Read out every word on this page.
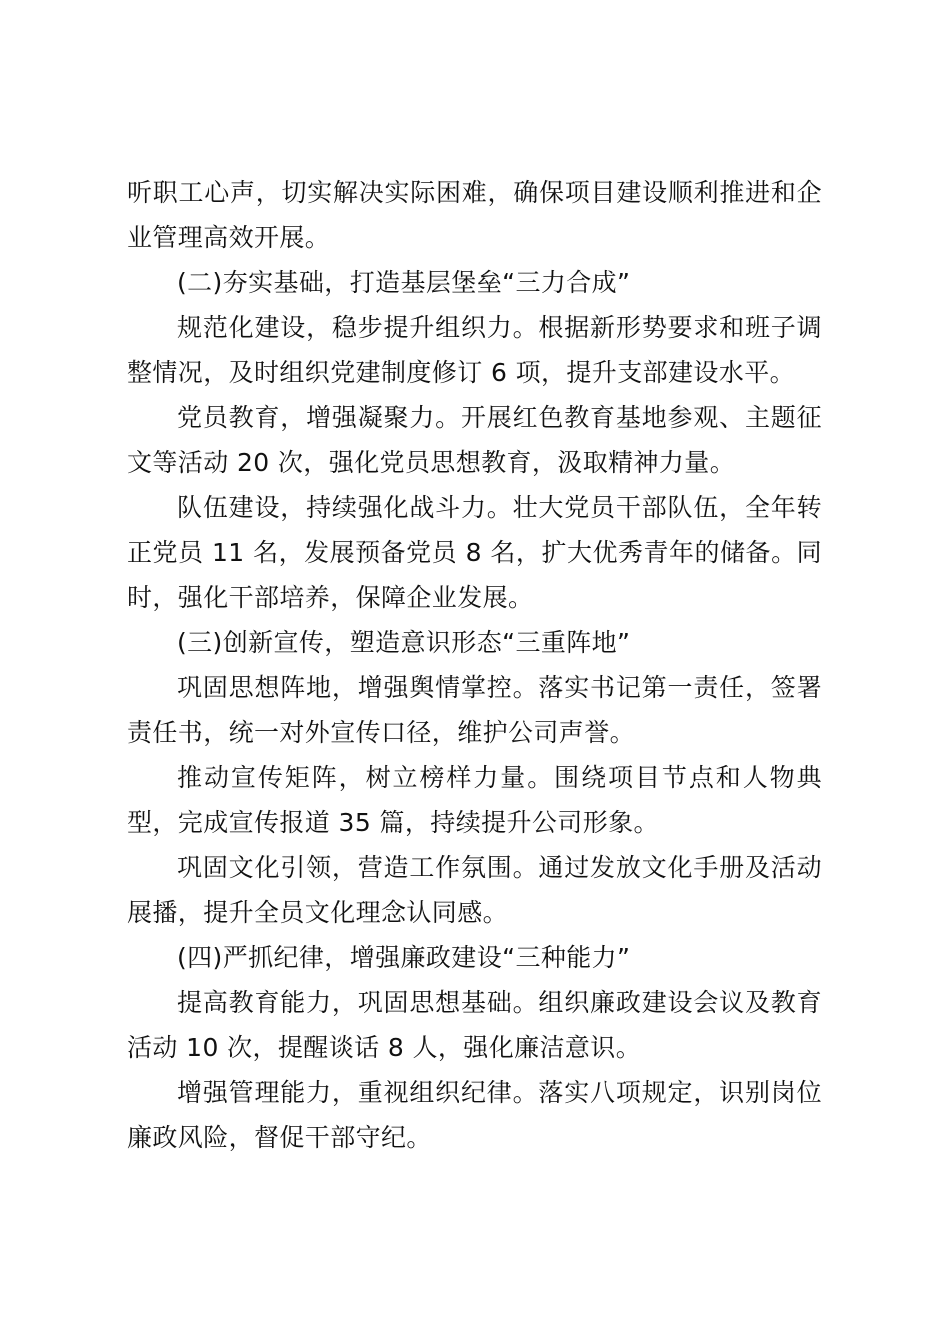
听职工心声，切实解决实际困难，确保项目建设顺利推进和企业管理高效开展。

(二)夯实基础，打造基层堡垒“三力合成”

规范化建设，稳步提升组织力。根据新形势要求和班子调整情况，及时组织党建制度修订 6 项，提升支部建设水平。

党员教育，增强凝聚力。开展红色教育基地参观、主题征文等活动 20 次，强化党员思想教育，汲取精神力量。

队伍建设，持续强化战斗力。壮大党员干部队伍，全年转正党员 11 名，发展预备党员 8 名，扩大优秀青年的储备。同时，强化干部培养，保障企业发展。

(三)创新宣传，塑造意识形态“三重阵地”

巩固思想阵地，增强舆情掌控。落实书记第一责任，签署责任书，统一对外宣传口径，维护公司声誉。

推动宣传矩阵，树立榜样力量。围绕项目节点和人物典型，完成宣传报道 35 篇，持续提升公司形象。

巩固文化引领，营造工作氛围。通过发放文化手册及活动展播，提升全员文化理念认同感。

(四)严抓纪律，增强廉政建设“三种能力”

提高教育能力，巩固思想基础。组织廉政建设会议及教育活动 10 次，提醒谈话 8 人，强化廉洁意识。

增强管理能力，重视组织纪律。落实八项规定，识别岗位廉政风险，督促干部守纪。
